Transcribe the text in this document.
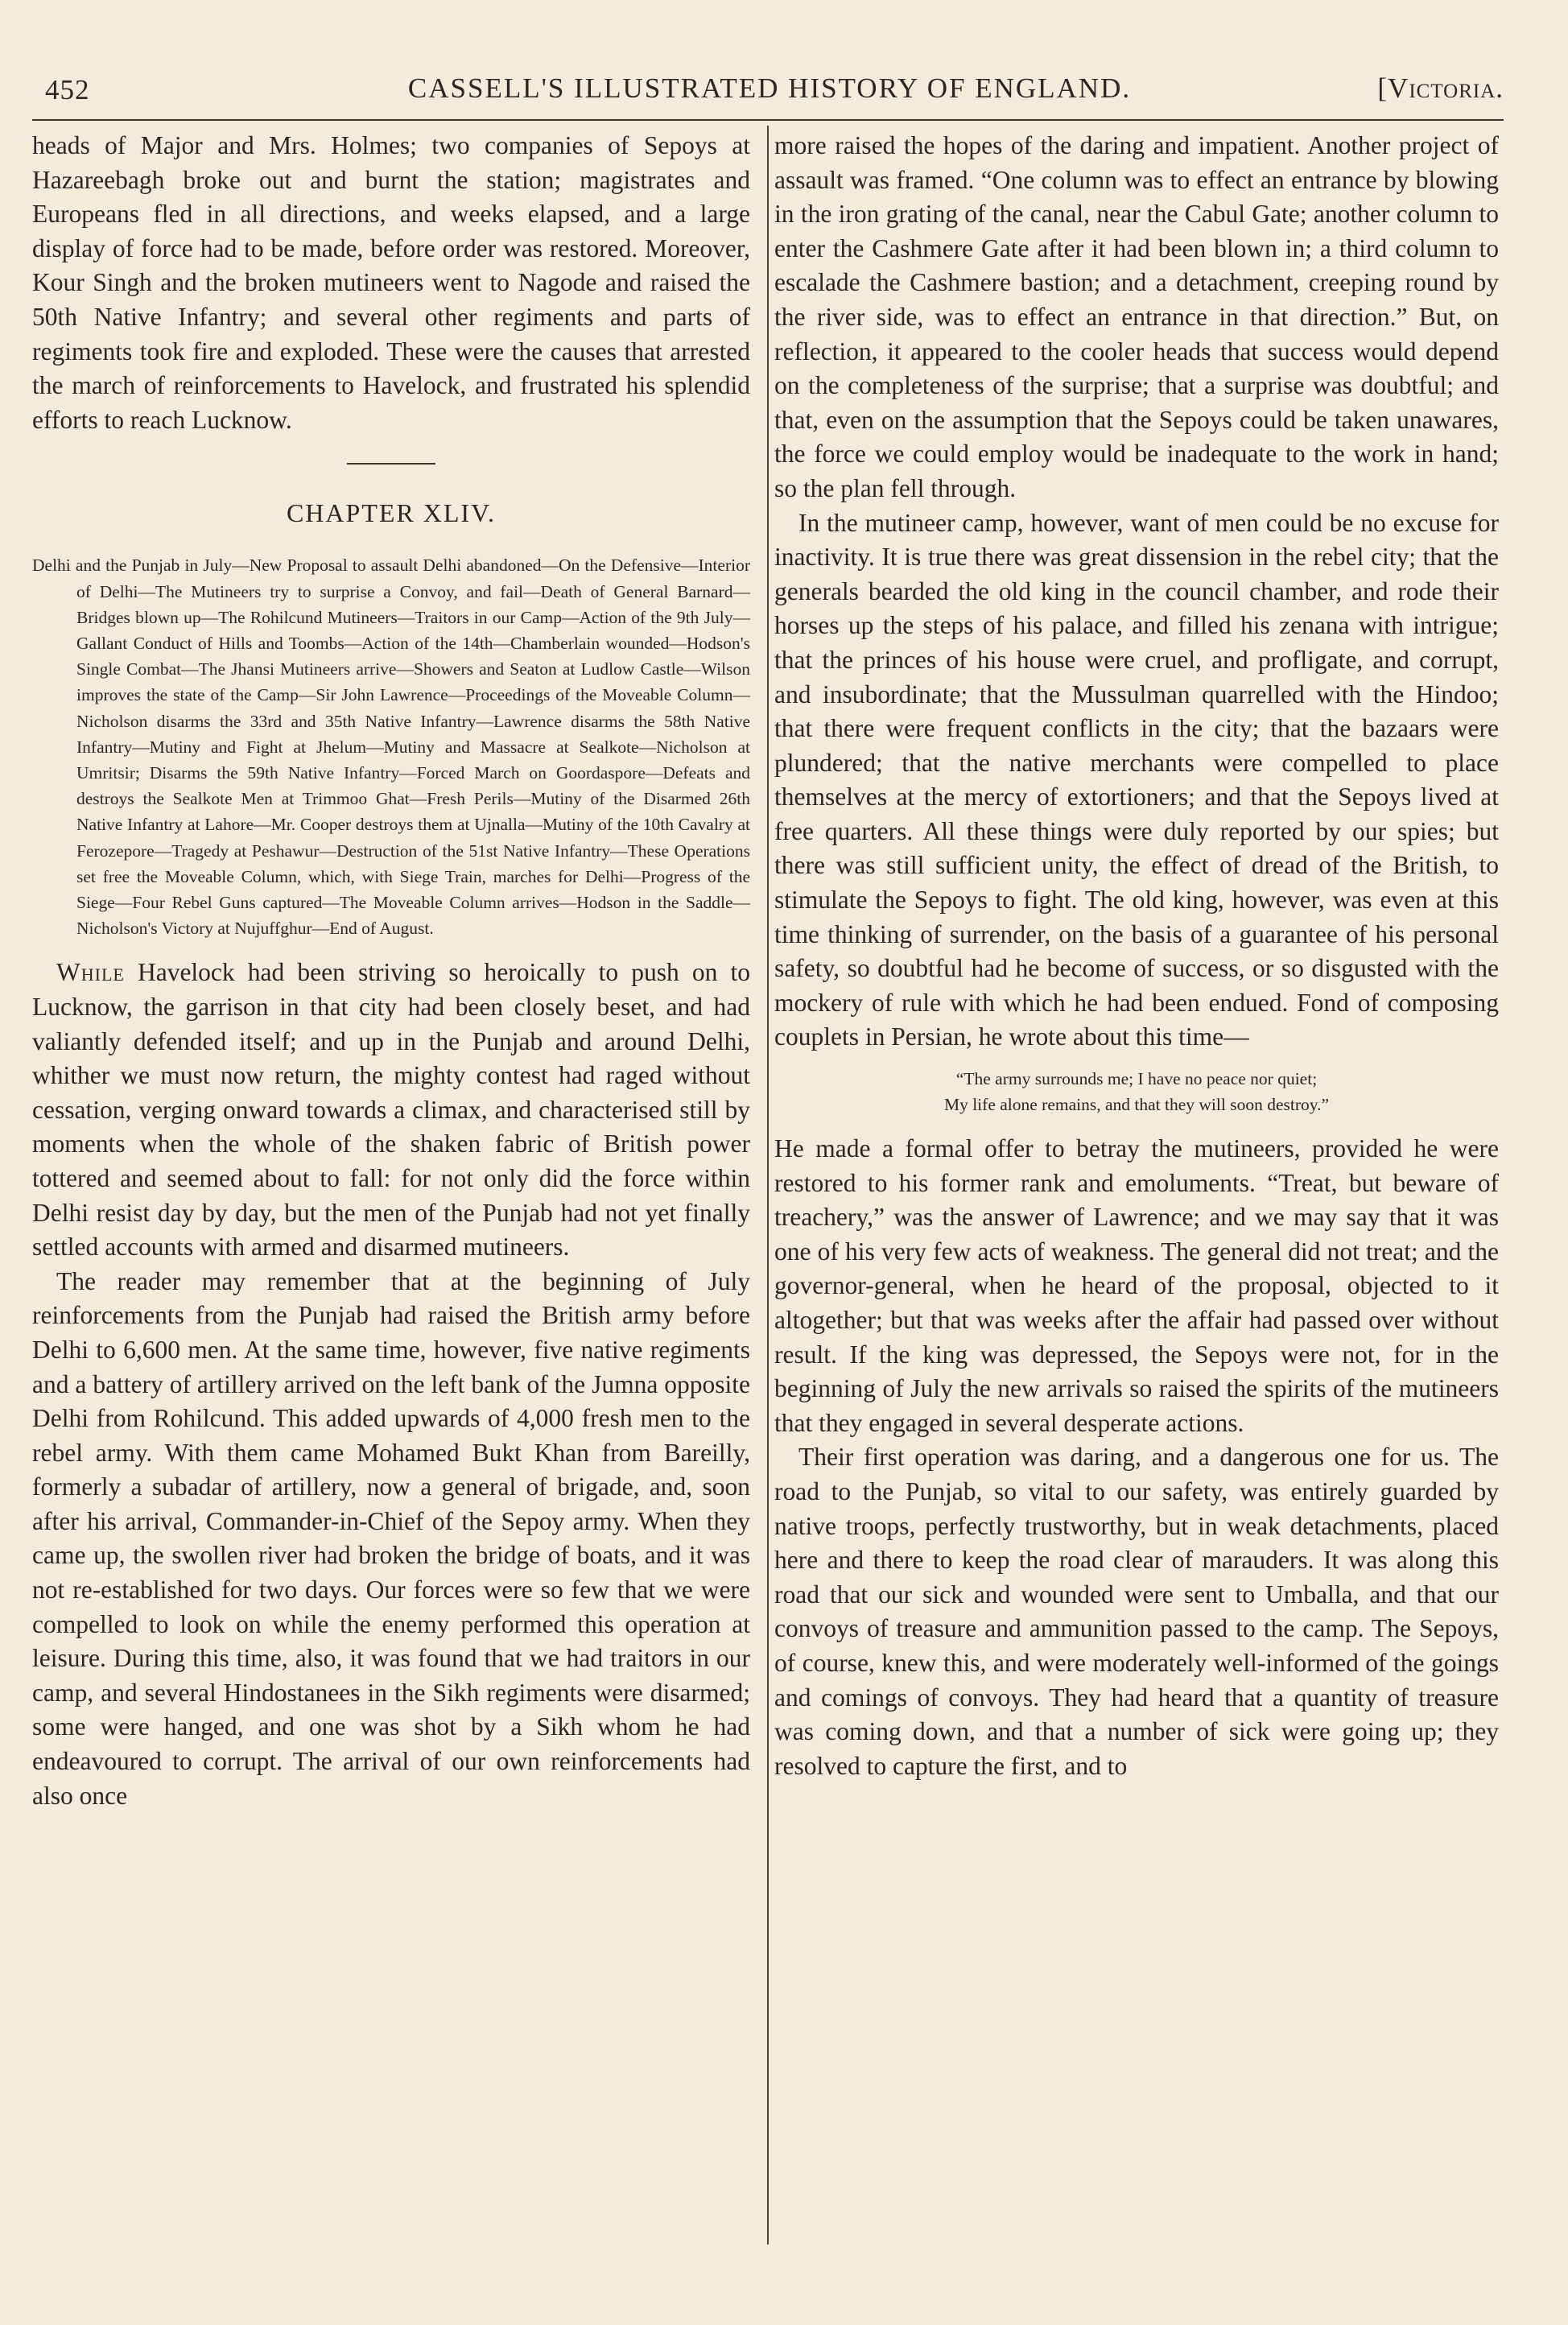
452	CASSELL'S ILLUSTRATED HISTORY OF ENGLAND.	[Victoria.

heads of Major and Mrs. Holmes; two companies of Sepoys at Hazareebagh broke out and burnt the station; magistrates and Europeans fled in all directions, and weeks elapsed, and a large display of force had to be made, before order was restored. Moreover, Kour Singh and the broken mutineers went to Nagode and raised the 50th Native Infantry; and several other regiments and parts of regiments took fire and exploded. These were the causes that arrested the march of reinforcements to Havelock, and frustrated his splendid efforts to reach Lucknow.

CHAPTER XLIV.
Delhi and the Punjab in July—New Proposal to assault Delhi abandoned—On the Defensive—Interior of Delhi—The Mutineers try to surprise a Convoy, and fail—Death of General Barnard—Bridges blown up—The Rohilcund Mutineers—Traitors in our Camp—Action of the 9th July—Gallant Conduct of Hills and Toombs—Action of the 14th—Chamberlain wounded—Hodson's Single Combat—The Jhansi Mutineers arrive—Showers and Seaton at Ludlow Castle—Wilson improves the state of the Camp—Sir John Lawrence—Proceedings of the Moveable Column—Nicholson disarms the 33rd and 35th Native Infantry—Lawrence disarms the 58th Native Infantry—Mutiny and Fight at Jhelum—Mutiny and Massacre at Sealkote—Nicholson at Umritsir; Disarms the 59th Native Infantry—Forced March on Goordaspore—Defeats and destroys the Sealkote Men at Trimmoo Ghat—Fresh Perils—Mutiny of the Disarmed 26th Native Infantry at Lahore—Mr. Cooper destroys them at Ujnalla—Mutiny of the 10th Cavalry at Ferozepore—Tragedy at Peshawur—Destruction of the 51st Native Infantry—These Operations set free the Moveable Column, which, with Siege Train, marches for Delhi—Progress of the Siege—Four Rebel Guns captured—The Moveable Column arrives—Hodson in the Saddle—Nicholson's Victory at Nujuffghur—End of August.

While Havelock had been striving so heroically to push on to Lucknow, the garrison in that city had been closely beset, and had valiantly defended itself; and up in the Punjab and around Delhi, whither we must now return, the mighty contest had raged without cessation, verging onward towards a climax, and characterised still by moments when the whole of the shaken fabric of British power tottered and seemed about to fall: for not only did the force within Delhi resist day by day, but the men of the Punjab had not yet finally settled accounts with armed and disarmed mutineers.

The reader may remember that at the beginning of July reinforcements from the Punjab had raised the British army before Delhi to 6,600 men. At the same time, however, five native regiments and a battery of artillery arrived on the left bank of the Jumna opposite Delhi from Rohilcund. This added upwards of 4,000 fresh men to the rebel army. With them came Mohamed Bukt Khan from Bareilly, formerly a subadar of artillery, now a general of brigade, and, soon after his arrival, Commander-in-Chief of the Sepoy army. When they came up, the swollen river had broken the bridge of boats, and it was not re-established for two days. Our forces were so few that we were compelled to look on while the enemy performed this operation at leisure. During this time, also, it was found that we had traitors in our camp, and several Hindostanees in the Sikh regiments were disarmed; some were hanged, and one was shot by a Sikh whom he had endeavoured to corrupt. The arrival of our own reinforcements had also once

more raised the hopes of the daring and impatient. Another project of assault was framed. “One column was to effect an entrance by blowing in the iron grating of the canal, near the Cabul Gate; another column to enter the Cashmere Gate after it had been blown in; a third column to escalade the Cashmere bastion; and a detachment, creeping round by the river side, was to effect an entrance in that direction.” But, on reflection, it appeared to the cooler heads that success would depend on the completeness of the surprise; that a surprise was doubtful; and that, even on the assumption that the Sepoys could be taken unawares, the force we could employ would be inadequate to the work in hand; so the plan fell through.

In the mutineer camp, however, want of men could be no excuse for inactivity. It is true there was great dissension in the rebel city; that the generals bearded the old king in the council chamber, and rode their horses up the steps of his palace, and filled his zenana with intrigue; that the princes of his house were cruel, and profligate, and corrupt, and insubordinate; that the Mussulman quarrelled with the Hindoo; that there were frequent conflicts in the city; that the bazaars were plundered; that the native merchants were compelled to place themselves at the mercy of extortioners; and that the Sepoys lived at free quarters. All these things were duly reported by our spies; but there was still sufficient unity, the effect of dread of the British, to stimulate the Sepoys to fight. The old king, however, was even at this time thinking of surrender, on the basis of a guarantee of his personal safety, so doubtful had he become of success, or so disgusted with the mockery of rule with which he had been endued. Fond of composing couplets in Persian, he wrote about this time—

“The army surrounds me; I have no peace nor quiet;
My life alone remains, and that they will soon destroy.”

He made a formal offer to betray the mutineers, provided he were restored to his former rank and emoluments. “Treat, but beware of treachery,” was the answer of Lawrence; and we may say that it was one of his very few acts of weakness. The general did not treat; and the governor-general, when he heard of the proposal, objected to it altogether; but that was weeks after the affair had passed over without result. If the king was depressed, the Sepoys were not, for in the beginning of July the new arrivals so raised the spirits of the mutineers that they engaged in several desperate actions.

Their first operation was daring, and a dangerous one for us. The road to the Punjab, so vital to our safety, was entirely guarded by native troops, perfectly trustworthy, but in weak detachments, placed here and there to keep the road clear of marauders. It was along this road that our sick and wounded were sent to Umballa, and that our convoys of treasure and ammunition passed to the camp. The Sepoys, of course, knew this, and were moderately well-informed of the goings and comings of convoys. They had heard that a quantity of treasure was coming down, and that a number of sick were going up; they resolved to capture the first, and to
